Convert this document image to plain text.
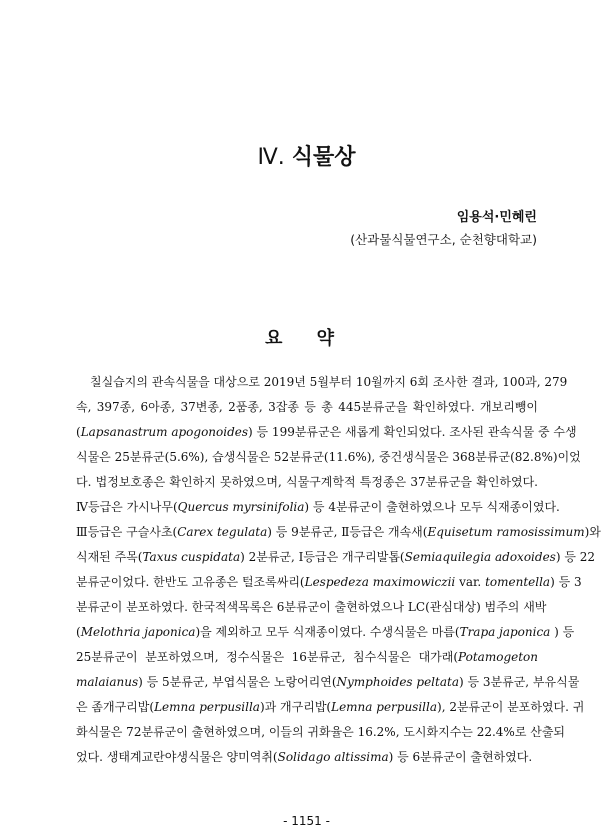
Ⅳ. 식물상
임용석·민혜린
(산과물식물연구소, 순천향대학교)
요 약
칠실습지의 관속식물을 대상으로 2019년 5월부터 10월까지 6회 조사한 결과, 100과, 279
속, 397종, 6아종, 37변종, 2품종, 3잡종 등 총 445분류군을 확인하였다. 개보리뺑이
(Lapsanastrum apogonoides) 등 199분류군은 새롭게 확인되었다. 조사된 관속식물 중 수생
식물은 25분류군(5.6%), 습생식물은 52분류군(11.6%), 중건생식물은 368분류군(82.8%)이었
다. 법정보호종은 확인하지 못하였으며, 식물구계학적 특정종은 37분류군을 확인하였다.
Ⅳ등급은 가시나무(Quercus myrsinifolia) 등 4분류군이 출현하였으나 모두 식재종이였다.
Ⅲ등급은 구슬사초(Carex tegulata) 등 9분류군, Ⅱ등급은 개속새(Equisetum ramosissimum)와
식재된 주목(Taxus cuspidata) 2분류군, Ⅰ등급은 개구리발톱(Semiaquilegia adoxoides) 등 22
분류군이었다. 한반도 고유종은 털조록싸리(Lespedeza maximowiczii var. tomentella) 등 3
분류군이 분포하였다. 한국적색목록은 6분류군이 출현하였으나 LC(관심대상) 범주의 새박
(Melothria japonica)을 제외하고 모두 식재종이였다. 수생식물은 마름(Trapa japonica ) 등
25분류군이 분포하였으며, 정수식물은 16분류군, 침수식물은 대가래(Potamogeton
malaianus) 등 5분류군, 부엽식물은 노랑어리연(Nymphoides peltata) 등 3분류군, 부유식물
은 좀개구리밥(Lemna perpusilla)과 개구리밥(Lemna perpusilla), 2분류군이 분포하였다. 귀
화식물은 72분류군이 출현하였으며, 이들의 귀화율은 16.2%, 도시화지수는 22.4%로 산출되
었다. 생태계교란야생식물은 양미역취(Solidago altissima) 등 6분류군이 출현하였다.
- 1151 -
